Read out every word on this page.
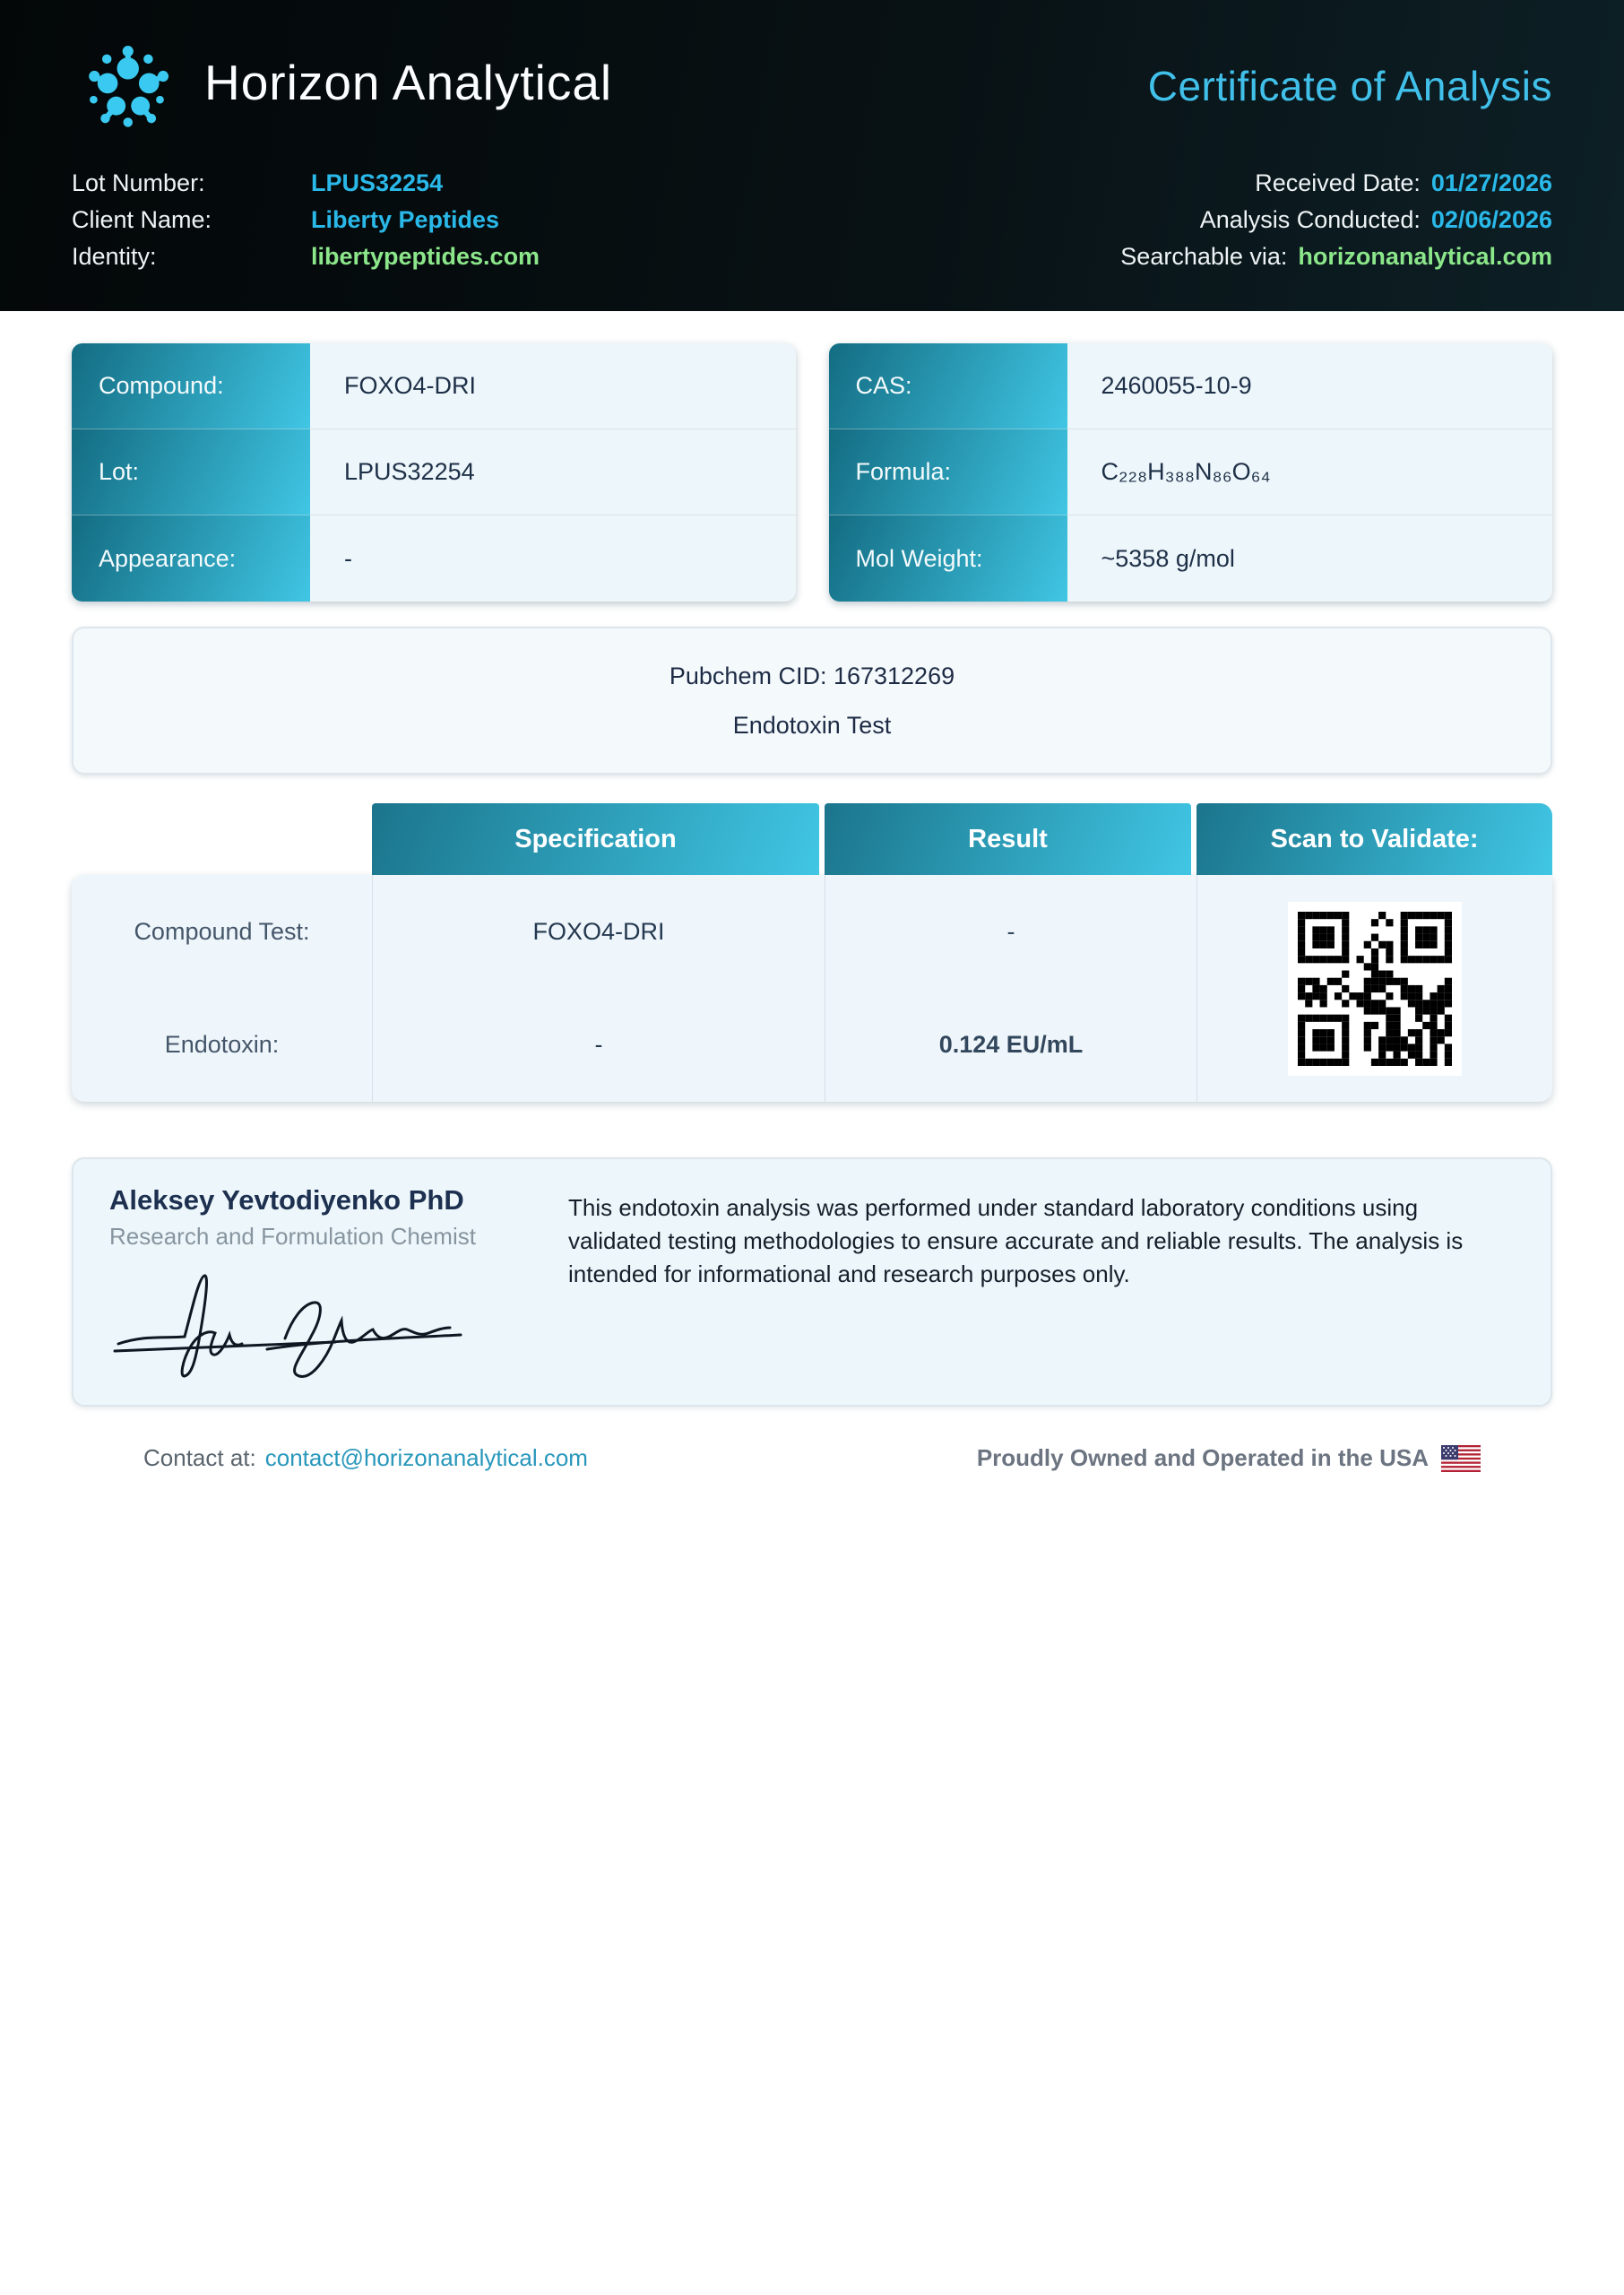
Horizon Analytical	Certificate of Analysis
Lot Number:	LPUS32254
Client Name:	Liberty Peptides
Identity:	libertypeptides.com
Received Date: 01/27/2026
Analysis Conducted: 02/06/2026
Searchable via: horizonanalytical.com
Compound:	FOXO4-DRI
Lot:	LPUS32254
Appearance:	-
CAS:	2460055-10-9
Formula:	C₂₂₈H₃₈₈N₈₆O₆₄
Mol Weight:	~5358 g/mol
Pubchem CID: 167312269
Endotoxin Test
Specification	Result	Scan to Validate:
Compound Test:	FOXO4-DRI	-
Endotoxin:	-	0.124 EU/mL
Aleksey Yevtodiyenko PhD
Research and Formulation Chemist

This endotoxin analysis was performed under standard laboratory conditions using validated testing methodologies to ensure accurate and reliable results. The analysis is intended for informational and research purposes only.

Contact at: contact@horizonanalytical.com	Proudly Owned and Operated in the USA
